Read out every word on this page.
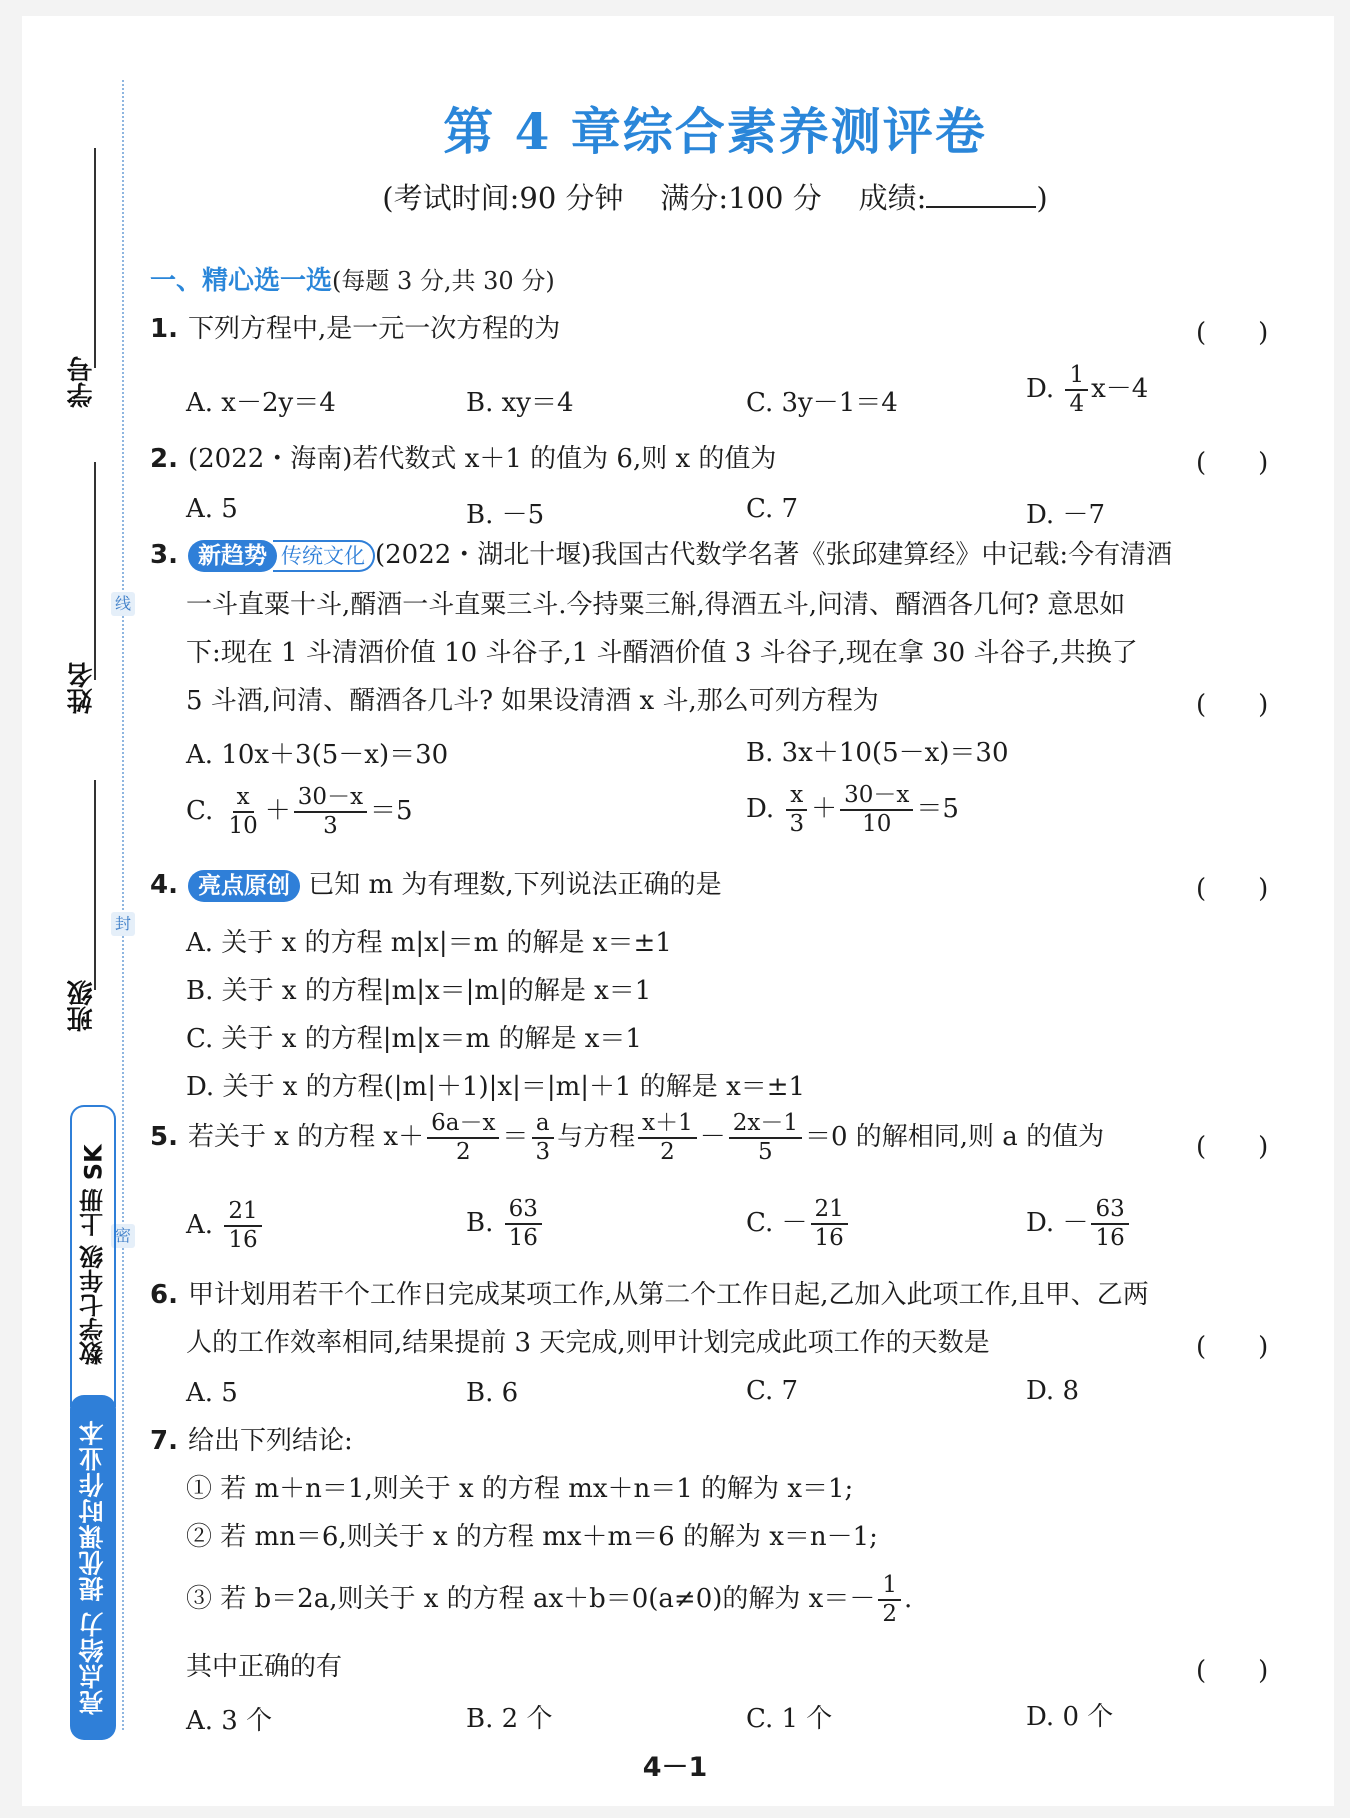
线
封
密
学号
姓名
班级
数学七年级 上册 SK
亮点给力 提优课时作业本
第 4 章综合素养测评卷
(考试时间:90 分钟 满分:100 分 成绩:	)
一、精心选一选(每题 3 分,共 30 分)
1. 下列方程中,是一元一次方程的为	(　　)
A. x－2y＝4	B. xy＝4	C. 3y－1＝4	D. $\frac{1}{4} x-4$
2. (2022・海南)若代数式 x＋1 的值为 6,则 x 的值为	(　　)
A. 5	B. －5	C. 7	D. －7
3. 新趋势 传统文化 (2022・湖北十堰)我国古代数学名著《张邱建算经》中记载:今有清酒
一斗直粟十斗,醑酒一斗直粟三斗.今持粟三斛,得酒五斗,问清、醑酒各几何? 意思如
下:现在 1 斗清酒价值 10 斗谷子,1 斗醑酒价值 3 斗谷子,现在拿 30 斗谷子,共换了
5 斗酒,问清、醑酒各几斗? 如果设清酒 x 斗,那么可列方程为	(　　)
A. 10x＋3(5－x)＝30	B. 3x＋10(5－x)＝30
C. $\frac{x}{10} + \frac{30-x}{3} =5$	D. $\frac{x}{3} + \frac{30-x}{10} =5$
4. 亮点原创 已知 m 为有理数,下列说法正确的是	(　　)
A. 关于 x 的方程 m|x|＝m 的解是 x＝±1
B. 关于 x 的方程|m|x＝|m|的解是 x＝1
C. 关于 x 的方程|m|x＝m 的解是 x＝1
D. 关于 x 的方程(|m|＋1)|x|＝|m|＋1 的解是 x＝±1
5. 若关于 x 的方程 $x+ \frac{6a-x}{2} = \frac{a}{3}$ 与方程 $\frac{x+1}{2} - \frac{2x-1}{5} =0$ 的解相同,则 a 的值为	(　　)
A. $\frac{21}{16}$	B. $\frac{63}{16}$	C. － $\frac{21}{16}$	D. － $\frac{63}{16}$
6. 甲计划用若干个工作日完成某项工作,从第二个工作日起,乙加入此项工作,且甲、乙两
人的工作效率相同,结果提前 3 天完成,则甲计划完成此项工作的天数是	(　　)
A. 5	B. 6	C. 7	D. 8
7. 给出下列结论:
① 若 m＋n＝1,则关于 x 的方程 mx＋n＝1 的解为 x＝1;
② 若 mn＝6,则关于 x 的方程 mx＋m＝6 的解为 x＝n－1;
③ 若 b＝2a,则关于 x 的方程 ax＋b＝0(a≠0)的解为 $x=- \frac{1}{2}$ .
其中正确的有	(　　)
A. 3 个	B. 2 个	C. 1 个	D. 0 个
4－1
